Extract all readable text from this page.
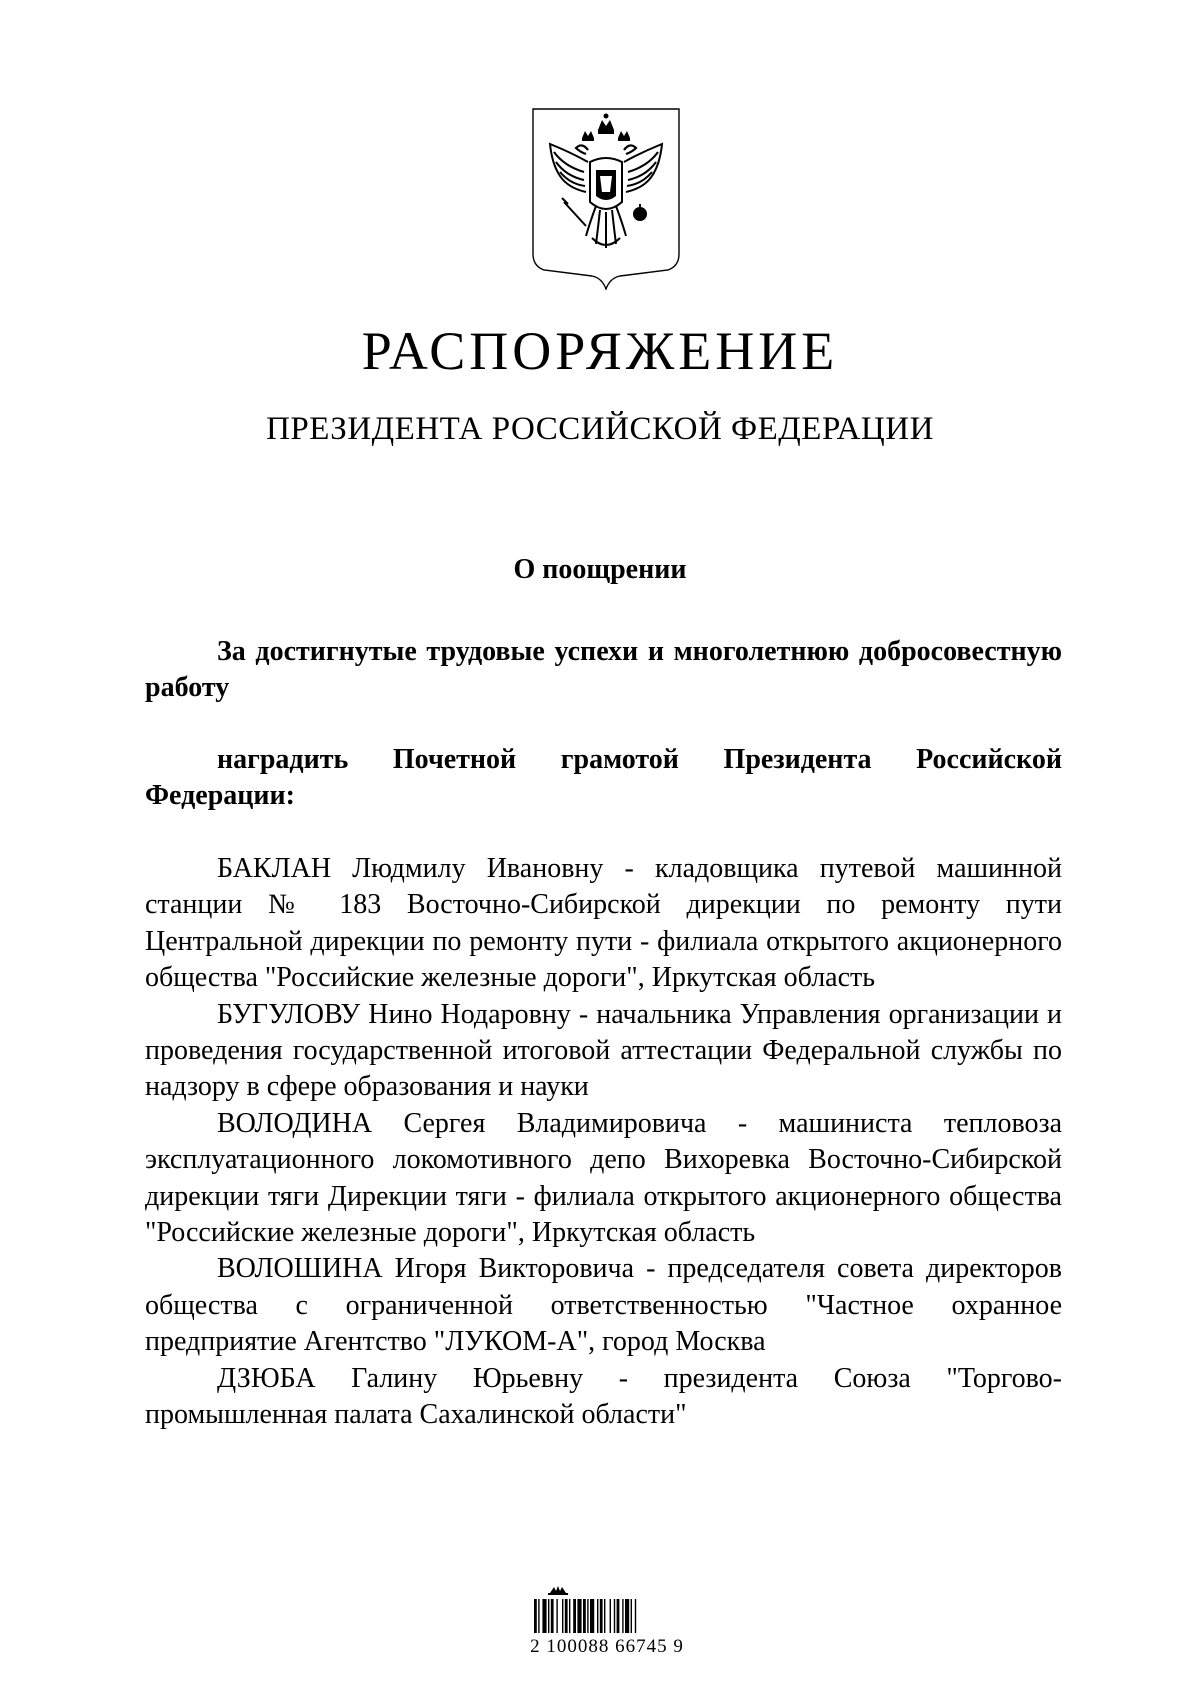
РАСПОРЯЖЕНИЕ
ПРЕЗИДЕНТА РОССИЙСКОЙ ФЕДЕРАЦИИ

О поощрении

За достигнутые трудовые успехи и многолетнюю добросовестную работу

наградить Почетной грамотой Президента Российской Федерации:

БАКЛАН Людмилу Ивановну - кладовщика путевой машинной станции № 183 Восточно-Сибирской дирекции по ремонту пути Центральной дирекции по ремонту пути - филиала открытого акционерного общества "Российские железные дороги", Иркутская область
БУГУЛОВУ Нино Нодаровну - начальника Управления организации и проведения государственной итоговой аттестации Федеральной службы по надзору в сфере образования и науки
ВОЛОДИНА Сергея Владимировича - машиниста тепловоза эксплуатационного локомотивного депо Вихоревка Восточно-Сибирской дирекции тяги Дирекции тяги - филиала открытого акционерного общества "Российские железные дороги", Иркутская область
ВОЛОШИНА Игоря Викторовича - председателя совета директоров общества с ограниченной ответственностью "Частное охранное предприятие Агентство "ЛУКОМ-А", город Москва
ДЗЮБА Галину Юрьевну - президента Союза "Торгово-промышленная палата Сахалинской области"
2 100088 66745 9
